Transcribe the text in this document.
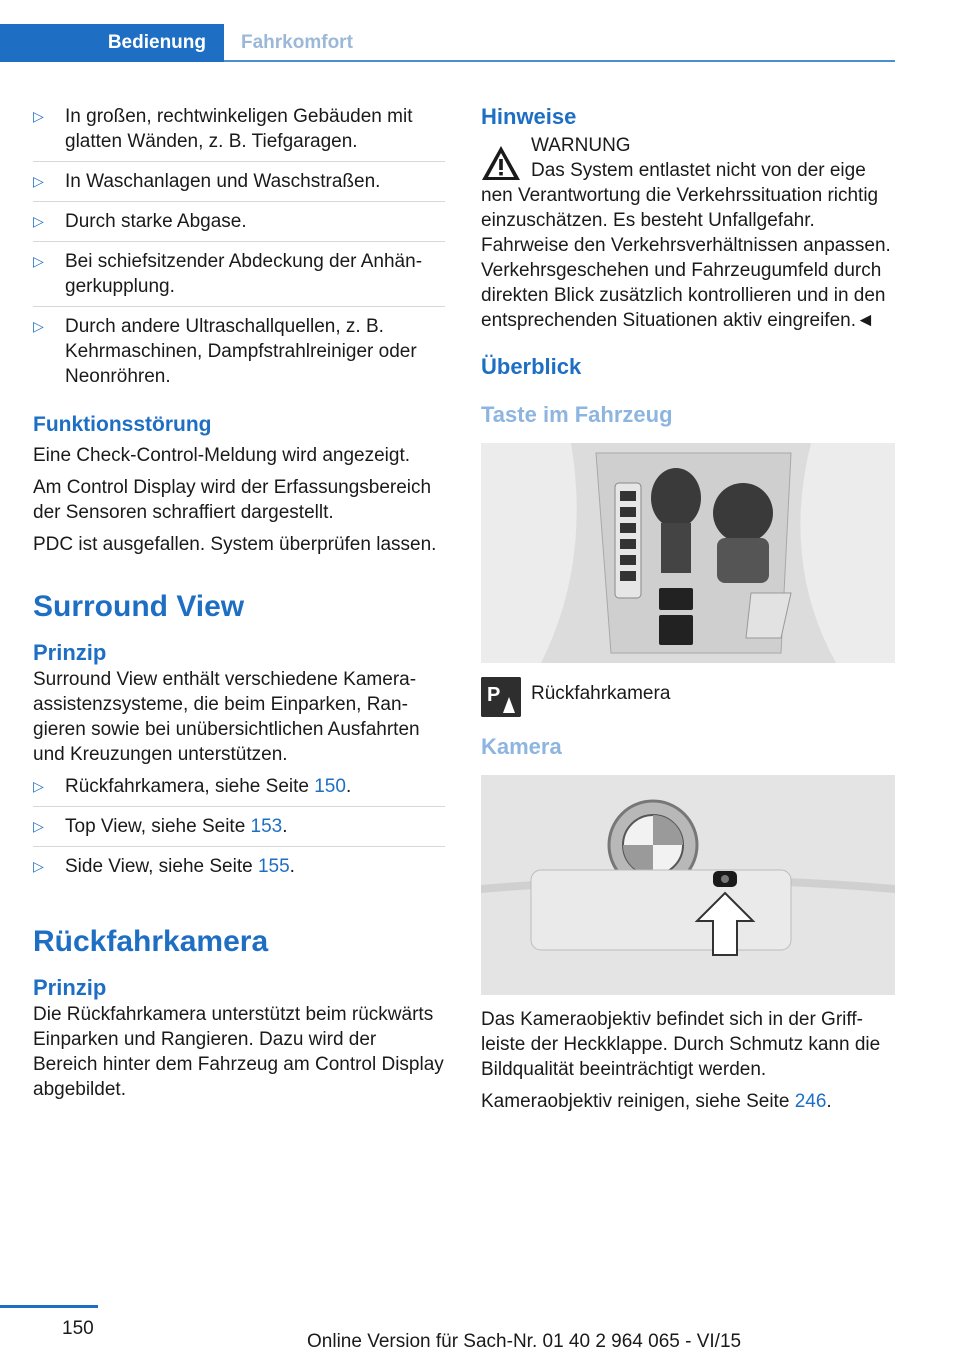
Bedienung	Fahrkomfort
▷ In großen, rechtwinkeligen Gebäuden mit glatten Wänden, z. B. Tiefgaragen.
▷ In Waschanlagen und Waschstraßen.
▷ Durch starke Abgase.
▷ Bei schiefsitzender Abdeckung der Anhängerkupplung.
▷ Durch andere Ultraschallquellen, z. B. Kehrmaschinen, Dampfstrahlreiniger oder Neonröhren.
Funktionsstörung

Eine Check-Control-Meldung wird angezeigt.

Am Control Display wird der Erfassungsbereich der Sensoren schraffiert dargestellt.

PDC ist ausgefallen. System überprüfen lassen.

Surround View
Prinzip

Surround View enthält verschiedene Kameraassistenzsysteme, die beim Einparken, Rangieren sowie bei unübersichtlichen Ausfahrten und Kreuzungen unterstützen.

▷ Rückfahrkamera, siehe Seite 150.
▷ Top View, siehe Seite 153.
▷ Side View, siehe Seite 155.
Rückfahrkamera
Prinzip

Die Rückfahrkamera unterstützt beim rückwärts Einparken und Rangieren. Dazu wird der Bereich hinter dem Fahrzeug am Control Display abgebildet.

Hinweise
WARNUNG
Das System entlastet nicht von der eige

nen Verantwortung die Verkehrssituation richtig einzuschätzen. Es besteht Unfallgefahr. Fahrweise den Verkehrsverhältnissen anpassen. Verkehrsgeschehen und Fahrzeugumfeld durch direkten Blick zusätzlich kontrollieren und in den entsprechenden Situationen aktiv eingreifen.◄

Überblick
Taste im Fahrzeug
P Rückfahrkamera
Kamera

Das Kameraobjektiv befindet sich in der Griffleiste der Heckklappe. Durch Schmutz kann die Bildqualität beeinträchtigt werden.

Kameraobjektiv reinigen, siehe Seite 246.

150
Online Version für Sach-Nr. 01 40 2 964 065 - VI/15
